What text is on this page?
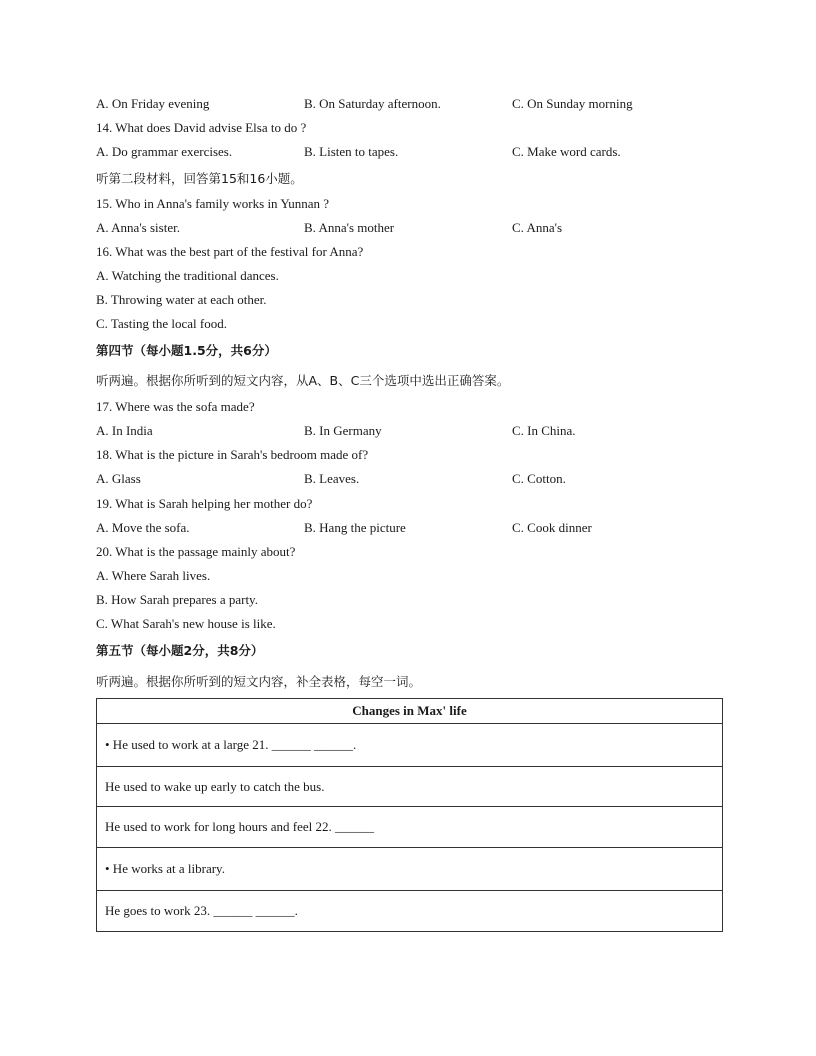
A. On Friday evening	B. On Saturday afternoon.	C. On Sunday morning
14. What does David advise Elsa to do ?
A. Do grammar exercises.	B. Listen to tapes.	C. Make word cards.
听第二段材料，回答第15和16小题。
15. Who in Anna's family works in Yunnan ?
A. Anna's sister.	B. Anna's mother	C. Anna's
16. What was the best part of the festival for Anna?
A. Watching the traditional dances.
B. Throwing water at each other.
C. Tasting the local food.
第四节（每小题1.5分，共6分）
听两遍。根据你所听到的短文内容，从A、B、C三个选项中选出正确答案。
17. Where was the sofa made?
A. In India	B. In Germany	C. In China.
18. What is the picture in Sarah's bedroom made of?
A. Glass	B. Leaves.	C. Cotton.
19. What is Sarah helping her mother do?
A. Move the sofa.	B. Hang the picture	C. Cook dinner
20. What is the passage mainly about?
A. Where Sarah lives.
B. How Sarah prepares a party.
C. What Sarah's new house is like.
第五节（每小题2分，共8分）
听两遍。根据你所听到的短文内容，补全表格，每空一词。
Changes in Max' life
• He used to work at a large 21. ______ ______.
He used to wake up early to catch the bus.
He used to work for long hours and feel 22. ______
• He works at a library.
He goes to work 23. ______ ______.
